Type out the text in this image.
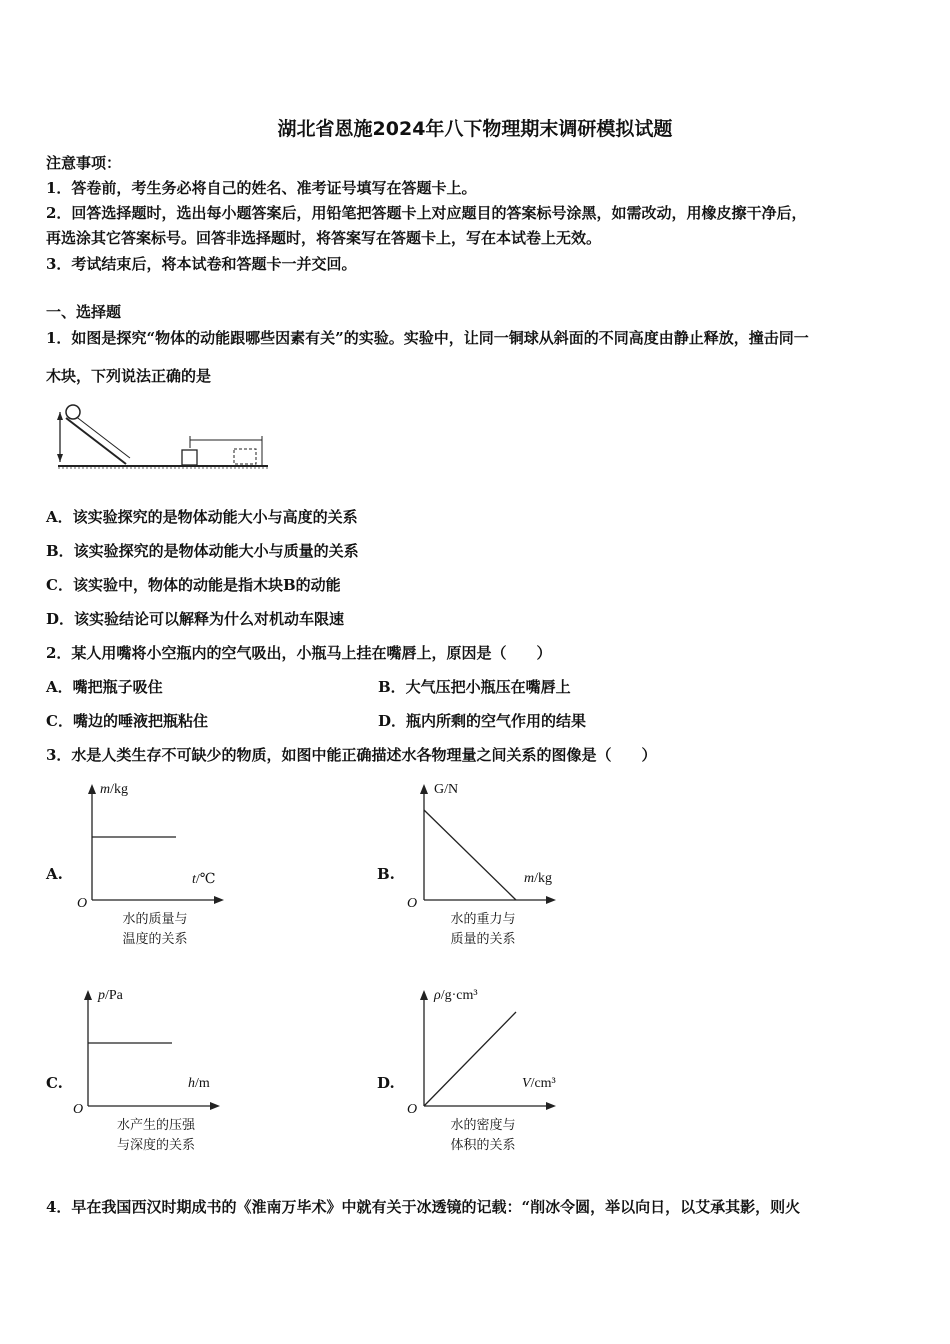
湖北省恩施2024年八下物理期末调研模拟试题
注意事项：
1．答卷前，考生务必将自己的姓名、准考证号填写在答题卡上。
2．回答选择题时，选出每小题答案后，用铅笔把答题卡上对应题目的答案标号涂黑，如需改动，用橡皮擦干净后，
再选涂其它答案标号。回答非选择题时，将答案写在答题卡上，写在本试卷上无效。
3．考试结束后，将本试卷和答题卡一并交回。
一、选择题
1．如图是探究“物体的动能跟哪些因素有关”的实验。实验中，让同一铜球从斜面的不同高度由静止释放，撞击同一
木块，下列说法正确的是
A．该实验探究的是物体动能大小与高度的关系
B．该实验探究的是物体动能大小与质量的关系
C．该实验中，物体的动能是指木块B的动能
D．该实验结论可以解释为什么对机动车限速
2．某人用嘴将小空瓶内的空气吸出，小瓶马上挂在嘴唇上，原因是（　　）
A．嘴把瓶子吸住	B．大气压把小瓶压在嘴唇上
C．嘴边的唾液把瓶粘住	D．瓶内所剩的空气作用的结果
3．水是人类生存不可缺少的物质，如图中能正确描述水各物理量之间关系的图像是（　　）
A.
m/kg
t/℃
O
水的质量与
温度的关系
B.
G/N
m/kg
O
水的重力与
质量的关系
C.
p/Pa
h/m
O
水产生的压强
与深度的关系
D.
ρ/g·cm³
V/cm³
O
水的密度与
体积的关系
4．早在我国西汉时期成书的《淮南万毕术》中就有关于冰透镜的记载：“削冰令圆，举以向日，以艾承其影，则火
